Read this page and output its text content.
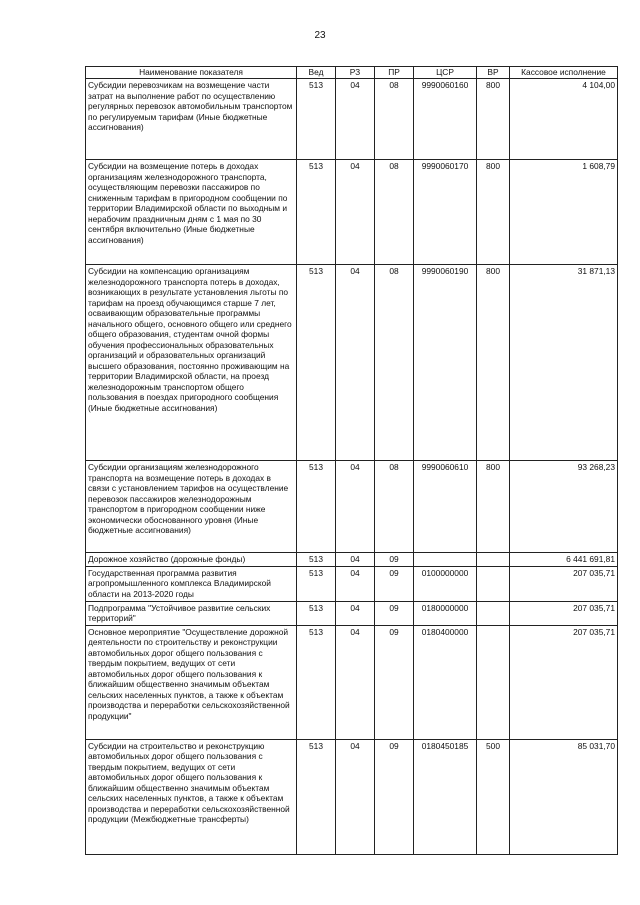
23
Наименование показателя	Вед	РЗ	ПР	ЦСР	ВР	Кассовое исполнение
Субсидии перевозчикам на возмещение части затрат на выполнение работ по осуществлению регулярных перевозок автомобильным транспортом по регулируемым тарифам (Иные бюджетные ассигнования)	513	04	08	9990060160	800	4 104,00
Субсидии на возмещение потерь в доходах организациям железнодорожного транспорта, осуществляющим перевозки пассажиров по сниженным тарифам в пригородном сообщении по территории Владимирской области по выходным и нерабочим праздничным дням с 1 мая по 30 сентября включительно (Иные бюджетные ассигнования)	513	04	08	9990060170	800	1 608,79
Субсидии на компенсацию организациям железнодорожного транспорта потерь в доходах, возникающих в результате установления льготы по тарифам на проезд обучающимся старше 7 лет, осваивающим образовательные программы начального общего, основного общего или среднего общего образования, студентам очной формы обучения профессиональных образовательных организаций и образовательных организаций высшего образования, постоянно проживающим на территории Владимирской области, на проезд железнодорожным транспортом общего пользования в поездах пригородного сообщения (Иные бюджетные ассигнования)	513	04	08	9990060190	800	31 871,13
Субсидии организациям железнодорожного транспорта на возмещение потерь в доходах в связи с установлением тарифов на осуществление перевозок пассажиров железнодорожным транспортом в пригородном сообщении ниже экономически обоснованного уровня (Иные бюджетные ассигнования)	513	04	08	9990060610	800	93 268,23
Дорожное хозяйство (дорожные фонды)	513	04	09			6 441 691,81
Государственная программа развития агропромышленного комплекса Владимирской области на 2013-2020 годы	513	04	09	0100000000		207 035,71
Подпрограмма "Устойчивое развитие сельских территорий"	513	04	09	0180000000		207 035,71
Основное мероприятие "Осуществление дорожной деятельности по строительству и реконструкции автомобильных дорог общего пользования с твердым покрытием, ведущих от сети автомобильных дорог общего пользования к ближайшим общественно значимым объектам сельских населенных пунктов, а также к объектам производства и переработки сельскохозяйственной продукции"	513	04	09	0180400000		207 035,71
Субсидии на строительство и реконструкцию автомобильных дорог общего пользования с твердым покрытием, ведущих от сети автомобильных дорог общего пользования к ближайшим общественно значимым объектам сельских населенных пунктов, а также к объектам производства и переработки сельскохозяйственной продукции (Межбюджетные трансферты)	513	04	09	0180450185	500	85 031,70
